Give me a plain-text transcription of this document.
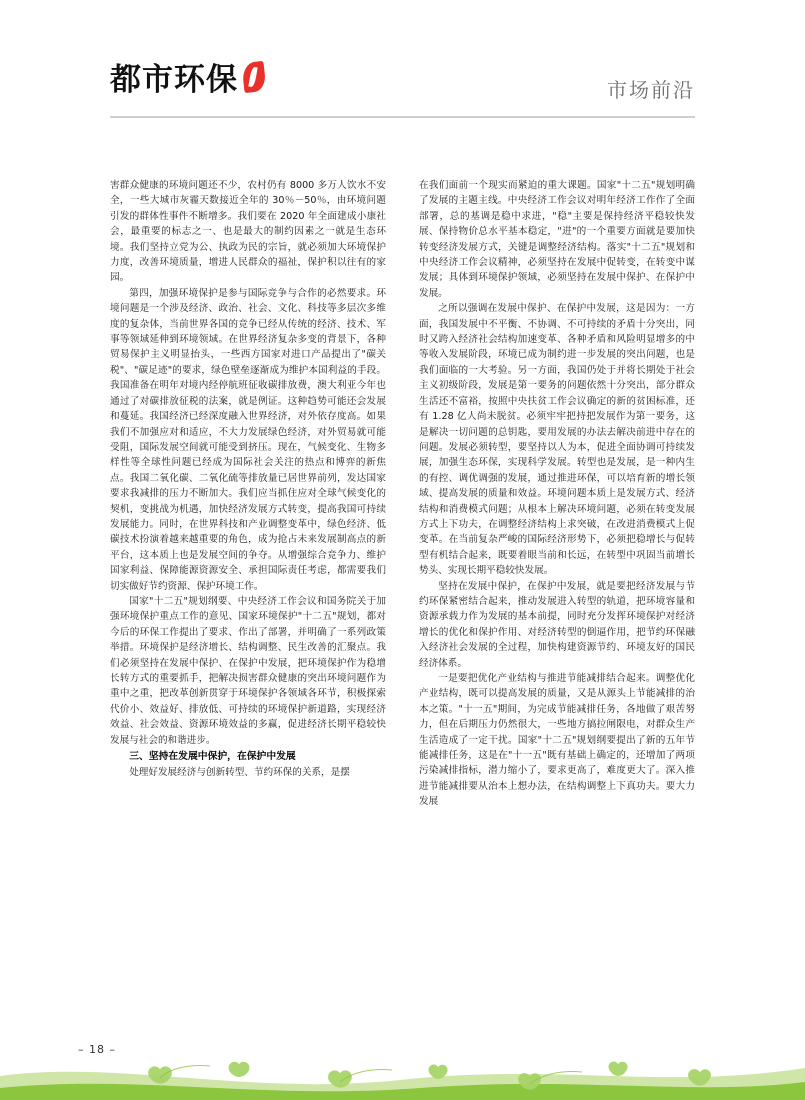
都市环保	市场前沿

害群众健康的环境问题还不少，农村仍有 8000 多万人饮水不安全，一些大城市灰霾天数接近全年的 30％－50％，由环境问题引发的群体性事件不断增多。我们要在 2020 年全面建成小康社会，最重要的标志之一、也是最大的制约因素之一就是生态环境。我们坚持立党为公、执政为民的宗旨，就必须加大环境保护力度，改善环境质量，增进人民群众的福祉，保护积以往有的家园。

第四，加强环境保护是参与国际竞争与合作的必然要求。环境问题是一个涉及经济、政治、社会、文化、科技等多层次多维度的复杂体，当前世界各国的竞争已经从传统的经济、技术、军事等领域延伸到环境领域。在世界经济复杂多变的背景下，各种贸易保护主义明显抬头，一些西方国家对进口产品提出了"碳关税"、"碳足迹"的要求，绿色壁垒逐渐成为维护本国利益的手段。我国准备在明年对境内经停航班征收碳排放费，澳大利亚今年也通过了对碳排放征税的法案，就是例证。这种趋势可能还会发展和蔓延。我国经济已经深度融入世界经济，对外依存度高。如果我们不加强应对和适应，不大力发展绿色经济，对外贸易就可能受阻，国际发展空间就可能受到挤压。现在，气候变化、生物多样性等全球性问题已经成为国际社会关注的热点和博弈的新焦点。我国二氧化碳、二氧化硫等排放量已居世界前列，发达国家要求我减排的压力不断加大。我们应当抓住应对全球气候变化的契机，变挑战为机遇，加快经济发展方式转变，提高我国可持续发展能力。同时，在世界科技和产业调整变革中，绿色经济、低碳技术扮演着越来越重要的角色，成为抢占未来发展制高点的新平台，这本质上也是发展空间的争夺。从增强综合竞争力、维护国家利益、保障能源资源安全、承担国际责任考虑，都需要我们切实做好节约资源、保护环境工作。

国家"十二五"规划纲要、中央经济工作会议和国务院关于加强环境保护重点工作的意见、国家环境保护"十二五"规划，都对今后的环保工作提出了要求、作出了部署，并明确了一系列政策举措。环境保护是经济增长、结构调整、民生改善的汇聚点。我们必须坚持在发展中保护、在保护中发展，把环境保护作为稳增长转方式的重要抓手，把解决损害群众健康的突出环境问题作为重中之重，把改革创新贯穿于环境保护各领域各环节，积极探索代价小、效益好、排放低、可持续的环境保护新道路，实现经济效益、社会效益、资源环境效益的多赢，促进经济长期平稳较快发展与社会的和谐进步。

三、坚持在发展中保护，在保护中发展

处理好发展经济与创新转型、节约环保的关系，是摆

在我们面前一个现实而紧迫的重大课题。国家"十二五"规划明确了发展的主题主线。中央经济工作会议对明年经济工作作了全面部署，总的基调是稳中求进，"稳"主要是保持经济平稳较快发展、保持物价总水平基本稳定，"进"的一个重要方面就是要加快转变经济发展方式，关键是调整经济结构。落实"十二五"规划和中央经济工作会议精神，必须坚持在发展中促转变，在转变中谋发展；具体到环境保护领域，必须坚持在发展中保护、在保护中发展。

之所以强调在发展中保护、在保护中发展，这是因为：一方面，我国发展中不平衡、不协调、不可持续的矛盾十分突出，同时又跨入经济社会结构加速变革、各种矛盾和风险明显增多的中等收入发展阶段，环境已成为制约进一步发展的突出问题，也是我们面临的一大考验。另一方面，我国仍处于并将长期处于社会主义初级阶段，发展是第一要务的问题依然十分突出，部分群众生活还不富裕，按照中央扶贫工作会议确定的新的贫困标准，还有 1.28 亿人尚未脱贫。必须牢牢把持把发展作为第一要务，这是解决一切问题的总钥匙，要用发展的办法去解决前进中存在的问题。发展必须转型，要坚持以人为本，促进全面协调可持续发展，加强生态环保，实现科学发展。转型也是发展，是一种内生的有控、调优调强的发展，通过推进环保，可以培育新的增长领域、提高发展的质量和效益。环境问题本质上是发展方式、经济结构和消费模式问题；从根本上解决环境问题，必须在转变发展方式上下功夫，在调整经济结构上求突破，在改进消费模式上促变革。在当前复杂严峻的国际经济形势下，必须把稳增长与促转型有机结合起来，既要着眼当前和长远，在转型中巩固当前增长势头、实现长期平稳较快发展。

坚持在发展中保护，在保护中发展，就是要把经济发展与节约环保紧密结合起来，推动发展进入转型的轨道，把环境容量和资源承载力作为发展的基本前提，同时充分发挥环境保护对经济增长的优化和保护作用、对经济转型的倒逼作用，把节约环保融入经济社会发展的全过程，加快构建资源节约、环境友好的国民经济体系。

一是要把优化产业结构与推进节能减排结合起来。调整优化产业结构，既可以提高发展的质量，又是从源头上节能减排的治本之策。"十一五"期间，为完成节能减排任务，各地做了艰苦努力，但在后期压力仍然很大，一些地方搞拉闸限电，对群众生产生活造成了一定干扰。国家"十二五"规划纲要提出了新的五年节能减排任务，这是在"十一五"既有基础上确定的，还增加了两项污染减排指标，潜力缩小了，要求更高了，难度更大了。深入推进节能减排要从治本上想办法，在结构调整上下真功夫。要大力发展

– 18 –
